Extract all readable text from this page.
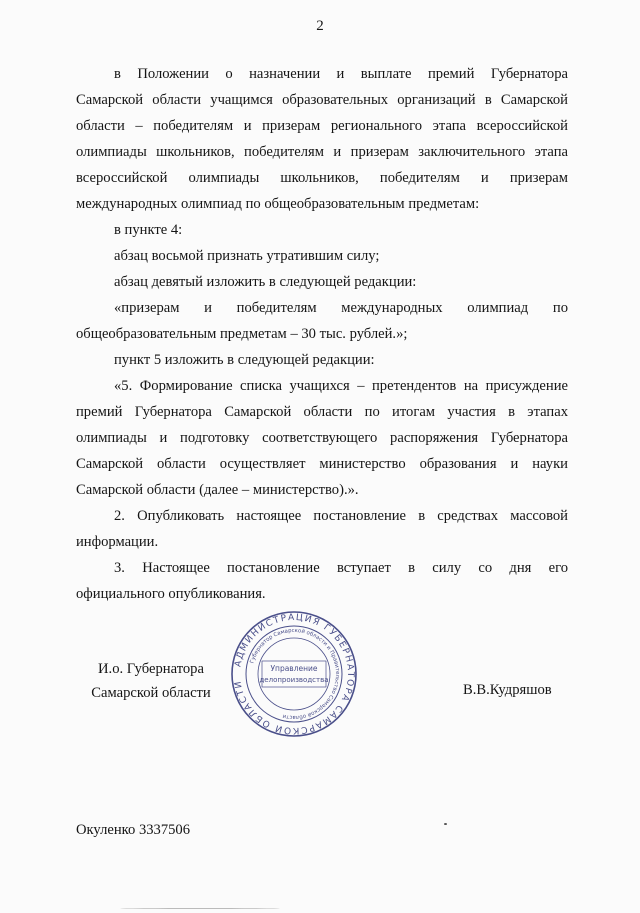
2
в Положении о назначении и выплате премий Губернатора
Самарской области учащимся образовательных организаций в Самарской
области – победителям и призерам регионального этапа всероссийской
олимпиады школьников, победителям и призерам заключительного этапа
всероссийской олимпиады школьников, победителям и призерам
международных олимпиад по общеобразовательным предметам:
в пункте 4:
абзац восьмой признать утратившим силу;
абзац девятый изложить в следующей редакции:
«призерам и победителям международных олимпиад по
общеобразовательным предметам – 30 тыс. рублей.»;
пункт 5 изложить в следующей редакции:
«5. Формирование списка учащихся – претендентов на присуждение
премий Губернатора Самарской области по итогам участия в этапах
олимпиады и подготовку соответствующего распоряжения Губернатора
Самарской области осуществляет министерство образования и науки
Самарской области (далее – министерство).».
2. Опубликовать настоящее постановление в средствах массовой
информации.
3. Настоящее постановление вступает в силу со дня его
официального опубликования.
И.о. Губернатора
Самарской области
АДМИНИСТРАЦИЯ ГУБЕРНАТОРА САМАРСКОЙ ОБЛАСТИ
Губернатор Самарской области и Правительство Самарской области
Управление
делопроизводства
В.В.Кудряшов
Окуленко 3337506
